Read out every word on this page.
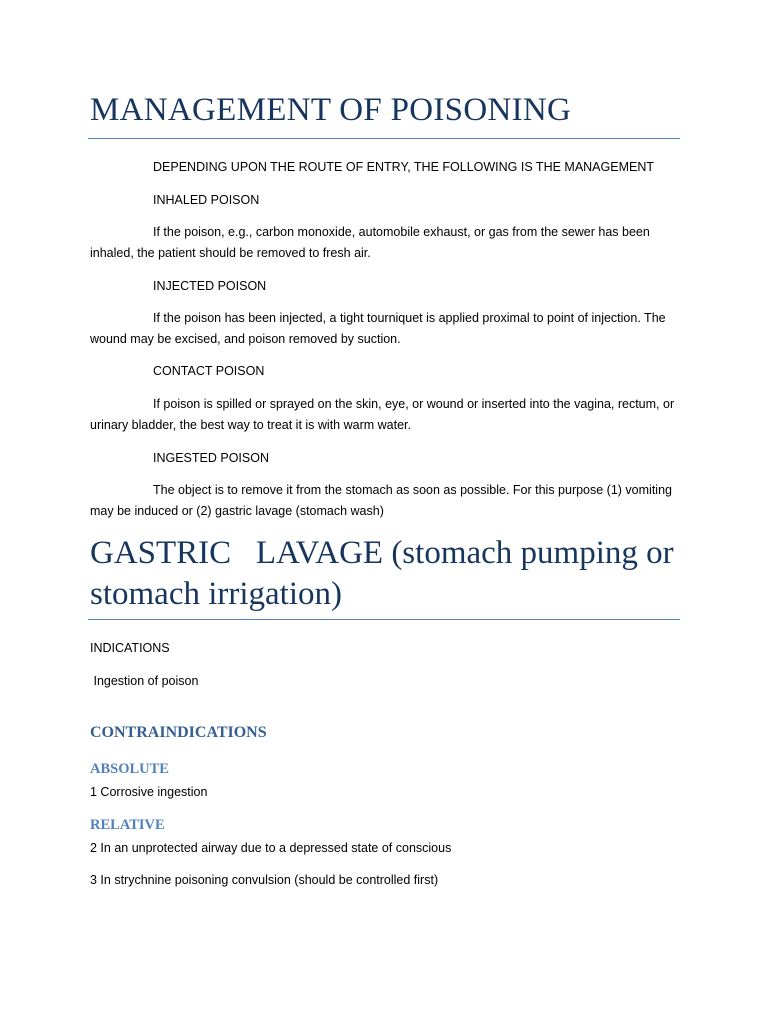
MANAGEMENT OF POISONING

DEPENDING UPON THE ROUTE OF ENTRY, THE FOLLOWING IS THE MANAGEMENT

INHALED POISON

If the poison, e.g., carbon monoxide, automobile exhaust, or gas from the sewer has been inhaled, the patient should be removed to fresh air.

INJECTED POISON

If the poison has been injected, a tight tourniquet is applied proximal to point of injection. The wound may be excised, and poison removed by suction.

CONTACT POISON

If poison is spilled or sprayed on the skin, eye, or wound or inserted into the vagina, rectum, or urinary bladder, the best way to treat it is with warm water.

INGESTED POISON

The object is to remove it from the stomach as soon as possible. For this purpose (1) vomiting may be induced or (2) gastric lavage (stomach wash)

GASTRIC   LAVAGE (stomach pumping or stomach irrigation)

INDICATIONS

Ingestion of poison

CONTRAINDICATIONS
ABSOLUTE

1 Corrosive ingestion

RELATIVE

2 In an unprotected airway due to a depressed state of conscious

3 In strychnine poisoning convulsion (should be controlled first)
